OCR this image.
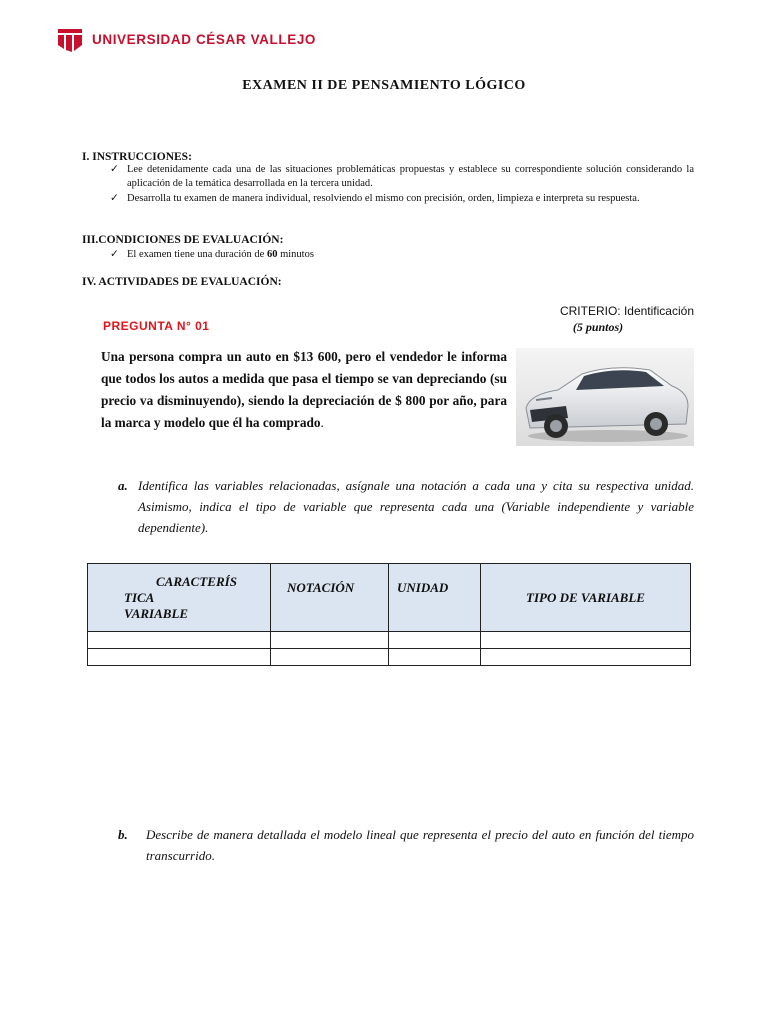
UNIVERSIDAD CÉSAR VALLEJO
EXAMEN II DE PENSAMIENTO LÓGICO
I. INSTRUCCIONES:
✓ Lee detenidamente cada una de las situaciones problemáticas propuestas y establece su correspondiente solución considerando la aplicación de la temática desarrollada en la tercera unidad.
✓ Desarrolla tu examen de manera individual, resolviendo el mismo con precisión, orden, limpieza e interpreta su respuesta.
III.CONDICIONES DE EVALUACIÓN:
✓ El examen tiene una duración de 60 minutos
IV. ACTIVIDADES DE EVALUACIÓN:
CRITERIO: Identificación
(5 puntos)
PREGUNTA N° 01
Una persona compra un auto en $13 600, pero el vendedor le informa que todos los autos a medida que pasa el tiempo se van depreciando (su precio va disminuyendo), siendo la depreciación de $ 800 por año, para la marca y modelo que él ha comprado.
a. Identifica las variables relacionadas, asígnale una notación a cada una y cita su respectiva unidad. Asimismo, indica el tipo de variable que representa cada una (Variable independiente y variable dependiente).
CARACTERÍS
TICA
VARIABLE	NOTACIÓN	UNIDAD	TIPO DE VARIABLE

b. Describe de manera detallada el modelo lineal que representa el precio del auto en función del tiempo transcurrido.
